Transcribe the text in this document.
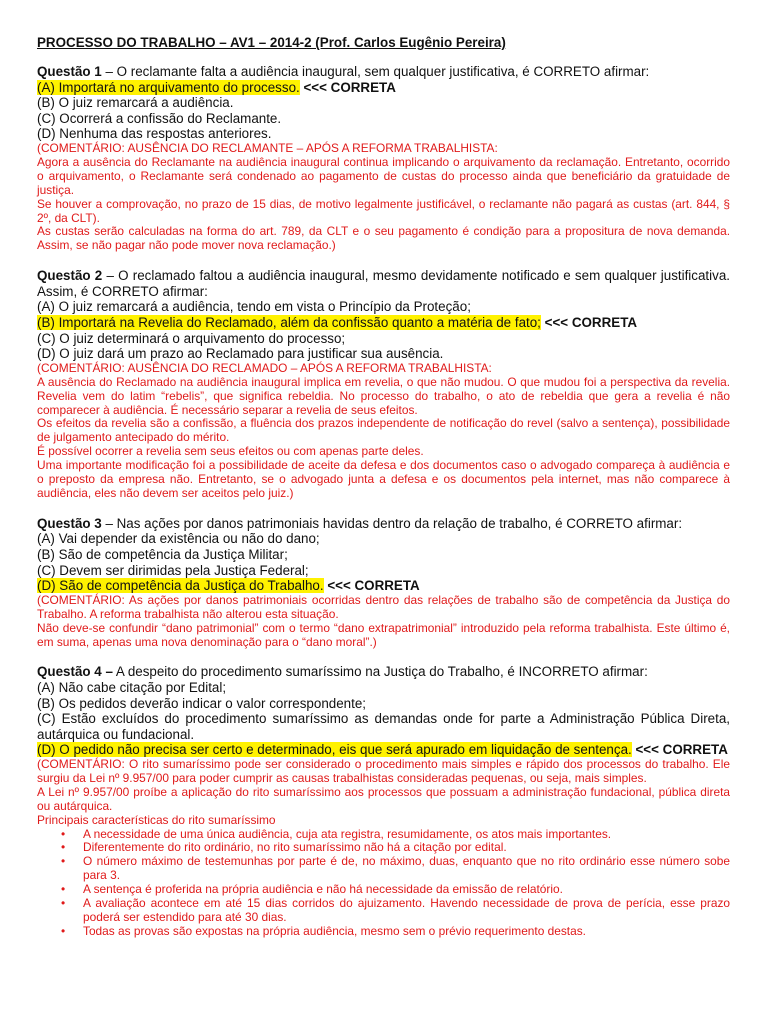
PROCESSO DO TRABALHO – AV1 – 2014-2 (Prof. Carlos Eugênio Pereira)

Questão 1 – O reclamante falta a audiência inaugural, sem qualquer justificativa, é CORRETO afirmar:

(A) Importará no arquivamento do processo. <<< CORRETA

(B) O juiz remarcará a audiência.

(C) Ocorrerá a confissão do Reclamante.

(D) Nenhuma das respostas anteriores.

(COMENTÁRIO: AUSÊNCIA DO RECLAMANTE – APÓS A REFORMA TRABALHISTA:

Agora a ausência do Reclamante na audiência inaugural continua implicando o arquivamento da reclamação. Entretanto, ocorrido o arquivamento, o Reclamante será condenado ao pagamento de custas do processo ainda que beneficiário da gratuidade de justiça.

Se houver a comprovação, no prazo de 15 dias, de motivo legalmente justificável, o reclamante não pagará as custas (art. 844, § 2º, da CLT).

As custas serão calculadas na forma do art. 789, da CLT e o seu pagamento é condição para a propositura de nova demanda. Assim, se não pagar não pode mover nova reclamação.)

Questão 2 – O reclamado faltou a audiência inaugural, mesmo devidamente notificado e sem qualquer justificativa. Assim, é CORRETO afirmar:

(A) O juiz remarcará a audiência, tendo em vista o Princípio da Proteção;

(B) Importará na Revelia do Reclamado, além da confissão quanto a matéria de fato; <<< CORRETA

(C) O juiz determinará o arquivamento do processo;

(D) O juiz dará um prazo ao Reclamado para justificar sua ausência.

(COMENTÁRIO: AUSÊNCIA DO RECLAMADO – APÓS A REFORMA TRABALHISTA:

A ausência do Reclamado na audiência inaugural implica em revelia, o que não mudou. O que mudou foi a perspectiva da revelia. Revelia vem do latim “rebelis”, que significa rebeldia. No processo do trabalho, o ato de rebeldia que gera a revelia é não comparecer à audiência. É necessário separar a revelia de seus efeitos.

Os efeitos da revelia são a confissão, a fluência dos prazos independente de notificação do revel (salvo a sentença), possibilidade de julgamento antecipado do mérito.

É possível ocorrer a revelia sem seus efeitos ou com apenas parte deles.

Uma importante modificação foi a possibilidade de aceite da defesa e dos documentos caso o advogado compareça à audiência e o preposto da empresa não. Entretanto, se o advogado junta a defesa e os documentos pela internet, mas não comparece à audiência, eles não devem ser aceitos pelo juiz.)

Questão 3 – Nas ações por danos patrimoniais havidas dentro da relação de trabalho, é CORRETO afirmar:

(A) Vai depender da existência ou não do dano;

(B) São de competência da Justiça Militar;

(C) Devem ser dirimidas pela Justiça Federal;

(D) São de competência da Justiça do Trabalho. <<< CORRETA

(COMENTÁRIO: As ações por danos patrimoniais ocorridas dentro das relações de trabalho são de competência da Justiça do Trabalho. A reforma trabalhista não alterou esta situação.

Não deve-se confundir “dano patrimonial” com o termo “dano extrapatrimonial” introduzido pela reforma trabalhista. Este último é, em suma, apenas uma nova denominação para o “dano moral”.)

Questão 4 – A despeito do procedimento sumaríssimo na Justiça do Trabalho, é INCORRETO afirmar:

(A) Não cabe citação por Edital;

(B) Os pedidos deverão indicar o valor correspondente;

(C) Estão excluídos do procedimento sumaríssimo as demandas onde for parte a Administração Pública Direta, autárquica ou fundacional.

(D) O pedido não precisa ser certo e determinado, eis que será apurado em liquidação de sentença. <<< CORRETA

(COMENTÁRIO: O rito sumaríssimo pode ser considerado o procedimento mais simples e rápido dos processos do trabalho. Ele surgiu da Lei nº 9.957/00 para poder cumprir as causas trabalhistas consideradas pequenas, ou seja, mais simples.

A Lei nº 9.957/00 proíbe a aplicação do rito sumaríssimo aos processos que possuam a administração fundacional, pública direta ou autárquica.

Principais características do rito sumaríssimo

• A necessidade de uma única audiência, cuja ata registra, resumidamente, os atos mais importantes.
• Diferentemente do rito ordinário, no rito sumaríssimo não há a citação por edital.
• O número máximo de testemunhas por parte é de, no máximo, duas, enquanto que no rito ordinário esse número sobe para 3.
• A sentença é proferida na própria audiência e não há necessidade da emissão de relatório.
• A avaliação acontece em até 15 dias corridos do ajuizamento. Havendo necessidade de prova de perícia, esse prazo poderá ser estendido para até 30 dias.
• Todas as provas são expostas na própria audiência, mesmo sem o prévio requerimento destas.
